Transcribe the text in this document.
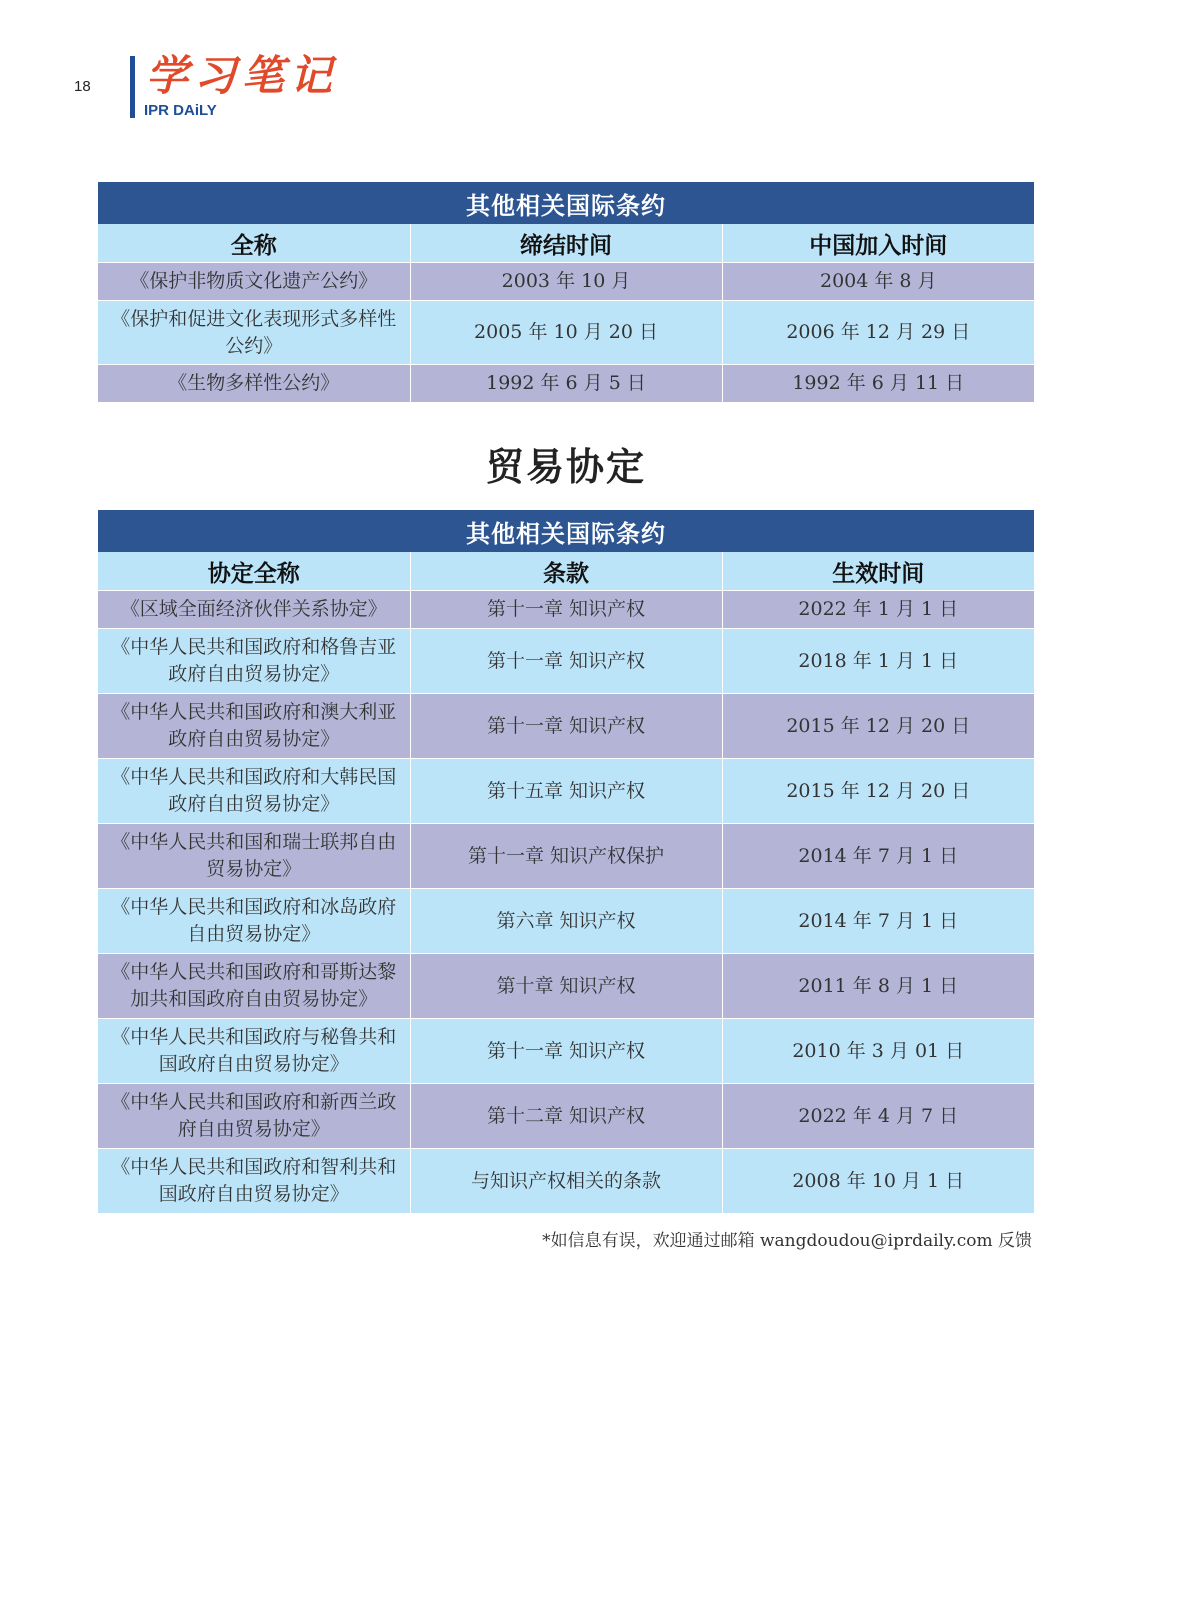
18 学习笔记
IPR DAiLY
其他相关国际条约		
全称	缔结时间	中国加入时间
《保护非物质文化遗产公约》	2003 年 10 月	2004 年 8 月
《保护和促进文化表现形式多样性公约》	2005 年 10 月 20 日	2006 年 12 月 29 日
《生物多样性公约》	1992 年 6 月 5 日	1992 年 6 月 11 日
贸易协定
其他相关国际条约		
协定全称	条款	生效时间
《区域全面经济伙伴关系协定》	第十一章 知识产权	2022 年 1 月 1 日
《中华人民共和国政府和格鲁吉亚政府自由贸易协定》	第十一章 知识产权	2018 年 1 月 1 日
《中华人民共和国政府和澳大利亚政府自由贸易协定》	第十一章 知识产权	2015 年 12 月 20 日
《中华人民共和国政府和大韩民国政府自由贸易协定》	第十五章 知识产权	2015 年 12 月 20 日
《中华人民共和国和瑞士联邦自由贸易协定》	第十一章 知识产权保护	2014 年 7 月 1 日
《中华人民共和国政府和冰岛政府自由贸易协定》	第六章 知识产权	2014 年 7 月 1 日
《中华人民共和国政府和哥斯达黎加共和国政府自由贸易协定》	第十章 知识产权	2011 年 8 月 1 日
《中华人民共和国政府与秘鲁共和国政府自由贸易协定》	第十一章 知识产权	2010 年 3 月 01 日
《中华人民共和国政府和新西兰政府自由贸易协定》	第十二章 知识产权	2022 年 4 月 7 日
《中华人民共和国政府和智利共和国政府自由贸易协定》	与知识产权相关的条款	2008 年 10 月 1 日
*如信息有误，欢迎通过邮箱 wangdoudou@iprdaily.com 反馈
